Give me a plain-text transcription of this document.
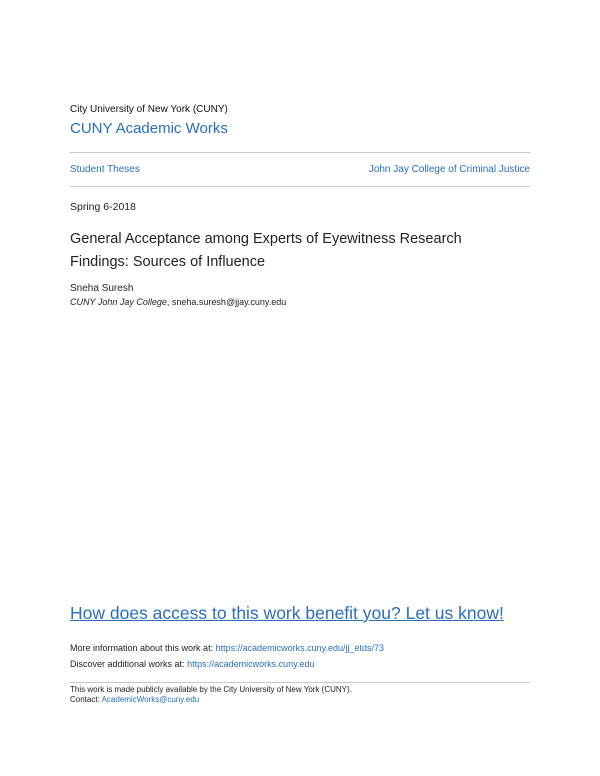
City University of New York (CUNY)
CUNY Academic Works
Student Theses	John Jay College of Criminal Justice
Spring 6-2018
General Acceptance among Experts of Eyewitness Research
Findings: Sources of Influence
Sneha Suresh
CUNY John Jay College, sneha.suresh@jjay.cuny.edu
How does access to this work benefit you? Let us know!
More information about this work at: https://academicworks.cuny.edu/jj_etds/73
Discover additional works at: https://academicworks.cuny.edu
This work is made publicly available by the City University of New York (CUNY).
Contact: AcademicWorks@cuny.edu
